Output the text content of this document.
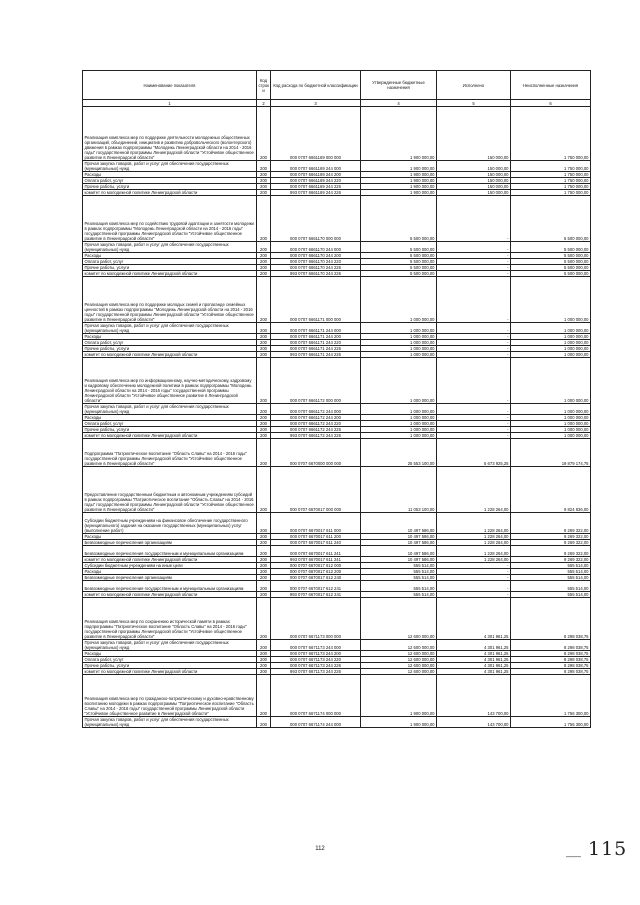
Наименование показателя	Код строк и	Код расхода по бюджетной классификации	Утвержденные бюджетные назначения	Исполнено	Неисполненные назначения
1	2	3	4	5	6
Реализация комплекса мер по поддержке деятельности молодежных общественных организаций, объединений, инициатив и развитию добровольческого (волонтерского) движения в рамках подпрограммы "Молодежь Ленинградской области на 2014 - 2016 годы" государственной программы Ленинградской области "Устойчивое общественное развитие в Ленинградской области"	200	000 0707 6661169 000 000	1 900 000,00	150 000,00	1 750 000,00
Прочая закупка товаров, работ и услуг для обеспечения государственных (муниципальных) нужд	200	000 0707 6661169 244 000	1 900 000,00	150 000,00	1 750 000,00
Расходы	200	000 0707 6661169 244 200	1 900 000,00	150 000,00	1 750 000,00
Оплата работ, услуг	200	000 0707 6661169 244 220	1 900 000,00	150 000,00	1 750 000,00
Прочие работы, услуги	200	000 0707 6661169 244 226	1 900 000,00	150 000,00	1 750 000,00
комитет по молодежной политике Ленинградской области	200	993 0707 6661169 244 226	1 900 000,00	150 000,00	1 750 000,00
Реализация комплекса мер по содействию трудовой адаптации и занятости молодежи в рамках подпрограммы "Молодежь Ленинградской области на 2014 - 2016 годы" государственной программы Ленинградской области "Устойчивое общественное развитие в Ленинградской области"	200	000 0707 6661170 000 000	5 500 000,00	-	5 500 000,00
Прочая закупка товаров, работ и услуг для обеспечения государственных (муниципальных) нужд	200	000 0707 6661170 244 000	5 500 000,00	-	5 500 000,00
Расходы	200	000 0707 6661170 244 200	5 500 000,00	-	5 500 000,00
Оплата работ, услуг	200	000 0707 6661170 244 220	5 500 000,00	-	5 500 000,00
Прочие работы, услуги	200	000 0707 6661170 244 226	5 500 000,00	-	5 500 000,00
комитет по молодежной политике Ленинградской области	200	993 0707 6661170 244 226	5 500 000,00	-	5 500 000,00
Реализация комплекса мер по поддержке молодых семей и пропаганде семейных ценностей в рамках подпрограммы "Молодежь Ленинградской области на 2014 - 2016 годы" государственной программы Ленинградской области "Устойчивое общественное развитие в Ленинградской области"	200	000 0707 6661171 000 000	1 000 000,00	-	1 000 000,00
Прочая закупка товаров, работ и услуг для обеспечения государственных (муниципальных) нужд	200	000 0707 6661171 244 000	1 000 000,00	-	1 000 000,00
Расходы	200	000 0707 6661171 244 200	1 000 000,00	-	1 000 000,00
Оплата работ, услуг	200	000 0707 6661171 244 220	1 000 000,00	-	1 000 000,00
Прочие работы, услуги	200	000 0707 6661171 244 226	1 000 000,00	-	1 000 000,00
комитет по молодежной политике Ленинградской области	200	993 0707 6661171 244 226	1 000 000,00	-	1 000 000,00
Реализация комплекса мер по информационному, научно-методическому, кадровому и кадровому обеспечению молодежной политики в рамках подпрограммы "Молодежь Ленинградской области на 2014 - 2016 годы" государственной программы Ленинградской области "Устойчивое общественное развитие в Ленинградской области"	200	000 0707 6661172 000 000	1 000 000,00	-	1 000 000,00
Прочая закупка товаров, работ и услуг для обеспечения государственных (муниципальных) нужд	200	000 0707 6661172 244 000	1 000 000,00	-	1 000 000,00
Расходы	200	000 0707 6661172 244 200	1 000 000,00	-	1 000 000,00
Оплата работ, услуг	200	000 0707 6661172 244 220	1 000 000,00	-	1 000 000,00
Прочие работы, услуги	200	000 0707 6661172 244 226	1 000 000,00	-	1 000 000,00
комитет по молодежной политике Ленинградской области	200	993 0707 6661172 244 226	1 000 000,00	-	1 000 000,00
Подпрограмма "Патриотическое воспитание "Область Славы" на 2014 - 2016 годы" государственной программы Ленинградской области "Устойчивое общественное развитие в Ленинградской области"	200	000 0707 6670000 000 000	25 553 100,00	5 673 925,25	19 879 174,75
Предоставление государственным бюджетным и автономным учреждениям субсидий в рамках подпрограммы "Патриотическое воспитание "Область Славы" на 2014 - 2016 годы" государственной программы Ленинградской области "Устойчивое общественное развитие в Ленинградской области"	200	000 0707 6670017 000 000	11 053 100,00	1 228 264,00	9 824 836,00
Субсидии бюджетным учреждениям на финансовое обеспечение государственного (муниципального) задания на оказание государственных (муниципальных) услуг (выполнение работ)	200	000 0707 6670017 611 000	10 497 586,00	1 228 264,00	9 269 322,00
Расходы	200	000 0707 6670017 611 200	10 497 586,00	1 228 264,00	9 269 322,00
Безвозмездные перечисления организациям	200	000 0707 6670017 611 240	10 497 586,00	1 228 264,00	9 269 322,00
Безвозмездные перечисления государственным и муниципальным организациям	200	000 0707 6670017 611 241	10 497 586,00	1 228 264,00	9 269 322,00
комитет по молодежной политике Ленинградской области	200	993 0707 6670017 611 241	10 497 586,00	1 228 264,00	9 269 322,00
Субсидии бюджетным учреждениям на иные цели	200	000 0707 6670017 612 000	555 514,00	-	555 514,00
Расходы	200	000 0707 6670017 612 200	555 514,00	-	555 514,00
Безвозмездные перечисления организациям	200	000 0707 6670017 612 240	555 514,00	-	555 514,00
Безвозмездные перечисления государственным и муниципальным организациям	200	000 0707 6670017 612 241	555 514,00	-	555 514,00
комитет по молодежной политике Ленинградской области	200	993 0707 6670017 612 241	555 514,00	-	555 514,00
Реализация комплекса мер по сохранению исторической памяти в рамках подпрограммы "Патриотическое воспитание "Область Славы" на 2014 - 2016 годы" государственной программы Ленинградской области "Устойчивое общественное развитие в Ленинградской области"	200	000 0707 6671173 000 000	12 600 000,00	4 301 961,25	8 298 038,75
Прочая закупка товаров, работ и услуг для обеспечения государственных (муниципальных) нужд	200	000 0707 6671173 244 000	12 600 000,00	4 301 961,25	8 298 038,75
Расходы	200	000 0707 6671173 244 200	12 600 000,00	4 301 961,25	8 298 038,75
Оплата работ, услуг	200	000 0707 6671173 244 220	12 600 000,00	4 301 961,25	8 298 038,75
Прочие работы, услуги	200	000 0707 6671173 244 226	12 600 000,00	4 301 961,25	8 298 038,75
комитет по молодежной политике Ленинградской области	200	993 0707 6671173 244 226	12 600 000,00	4 301 961,25	8 298 038,75
Реализация комплекса мер по гражданско-патриотическому и духовно-нравственному воспитанию молодежи в рамках подпрограммы "Патриотическое воспитание "Область Славы" на 2014 - 2016 годы" государственной программы Ленинградской области "Устойчивое общественное развитие в Ленинградской области"	200	000 0707 6671174 000 000	1 900 000,00	143 700,00	1 756 300,00
Прочая закупка товаров, работ и услуг для обеспечения государственных (муниципальных) нужд	200	000 0707 6671174 244 000	1 900 000,00	143 700,00	1 756 300,00
112
—— 115
